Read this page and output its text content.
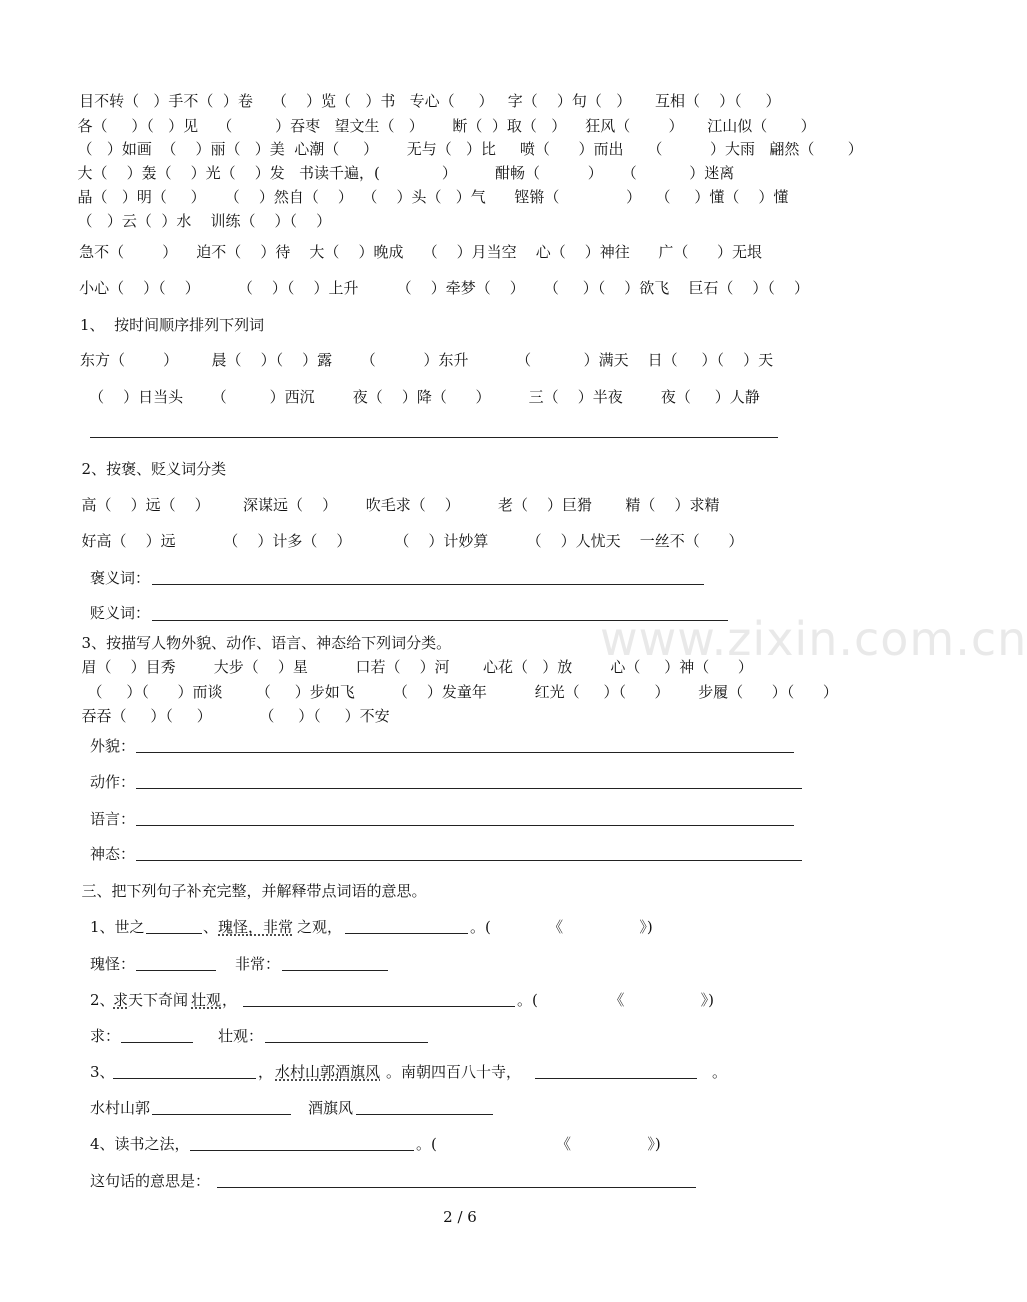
www.zixin.com.cn

目不转（   ）手不（  ）卷    （    ）览（   ）书   专心（     ）   字（    ）句（   ）     互相（    ）（     ）

各（     ）（   ）见    （         ）吞枣   望文生（   ）      断（  ）取（   ）    狂风（        ）     江山似（       ）

（   ）如画  （    ）丽（   ）美  心潮（     ）      无与（   ）比     喷（      ）而出     （          ）大雨   翩然（       ）

大（    ）轰（    ）光（    ）发   书读千遍，(             ）        酣畅（          ）    （           ）迷离

晶（   ）明（     ）    （    ）然自（    ）  （    ）头（   ）气      铿锵（              ）   （     ）懂（    ）懂

（   ）云（  ）水    训练（    ）（    ）

急不（        ）    迫不（    ）待    大（    ）晚成    （    ）月当空    心（    ）神往      广（      ）无垠

小心（    ）（    ）        （    ）（    ）上升        （    ）牵梦（    ）    （     ）（    ）欲飞    巨石（    ）（    ）

1、  按时间顺序排列下列词

东方（        ）       晨（    ）（    ）露      （          ）东升          （           ）满天    日（     ）（    ）天

（    ）日当头      （         ）西沉        夜（    ）降（      ）        三（    ）半夜        夜（     ）人静

2、按褒、贬义词分类

高（    ）远（    ）       深谋远（    ）      吹毛求（    ）        老（    ）巨猾       精（    ）求精

好高（    ）远          （    ）计多（    ）         （    ）计妙算        （    ）人忧天    一丝不（      ）

褒义词：

贬义词：

3、按描写人物外貌、动作、语言、神态给下列词分类。

眉（    ）目秀        大步（    ）星          口若（    ）河       心花（   ）放        心（     ）神（      ）

（     ）（      ）而谈       （     ）步如飞        （    ）发童年          红光（     ）（      ）      步履（      ）（      ）

吞吞（     ）（     ）          （     ）（     ）不安

外貌：

动作：

语言：

神态：

三、把下列句子补充完整，并解释带点词语的意思。

1、世之	、 瑰怪，非常 之观，	。(            《                》)

瑰怪：	非常：

2、

求 天下奇闻 壮观 ，	。(               《                》)

求：	壮观：

3、	， 水村山郭酒旗风 。南朝四百八十寺，	。

水村山郭	酒旗风

4、读书之法，	。(                         《                》)

这句话的意思是：

2 / 6
